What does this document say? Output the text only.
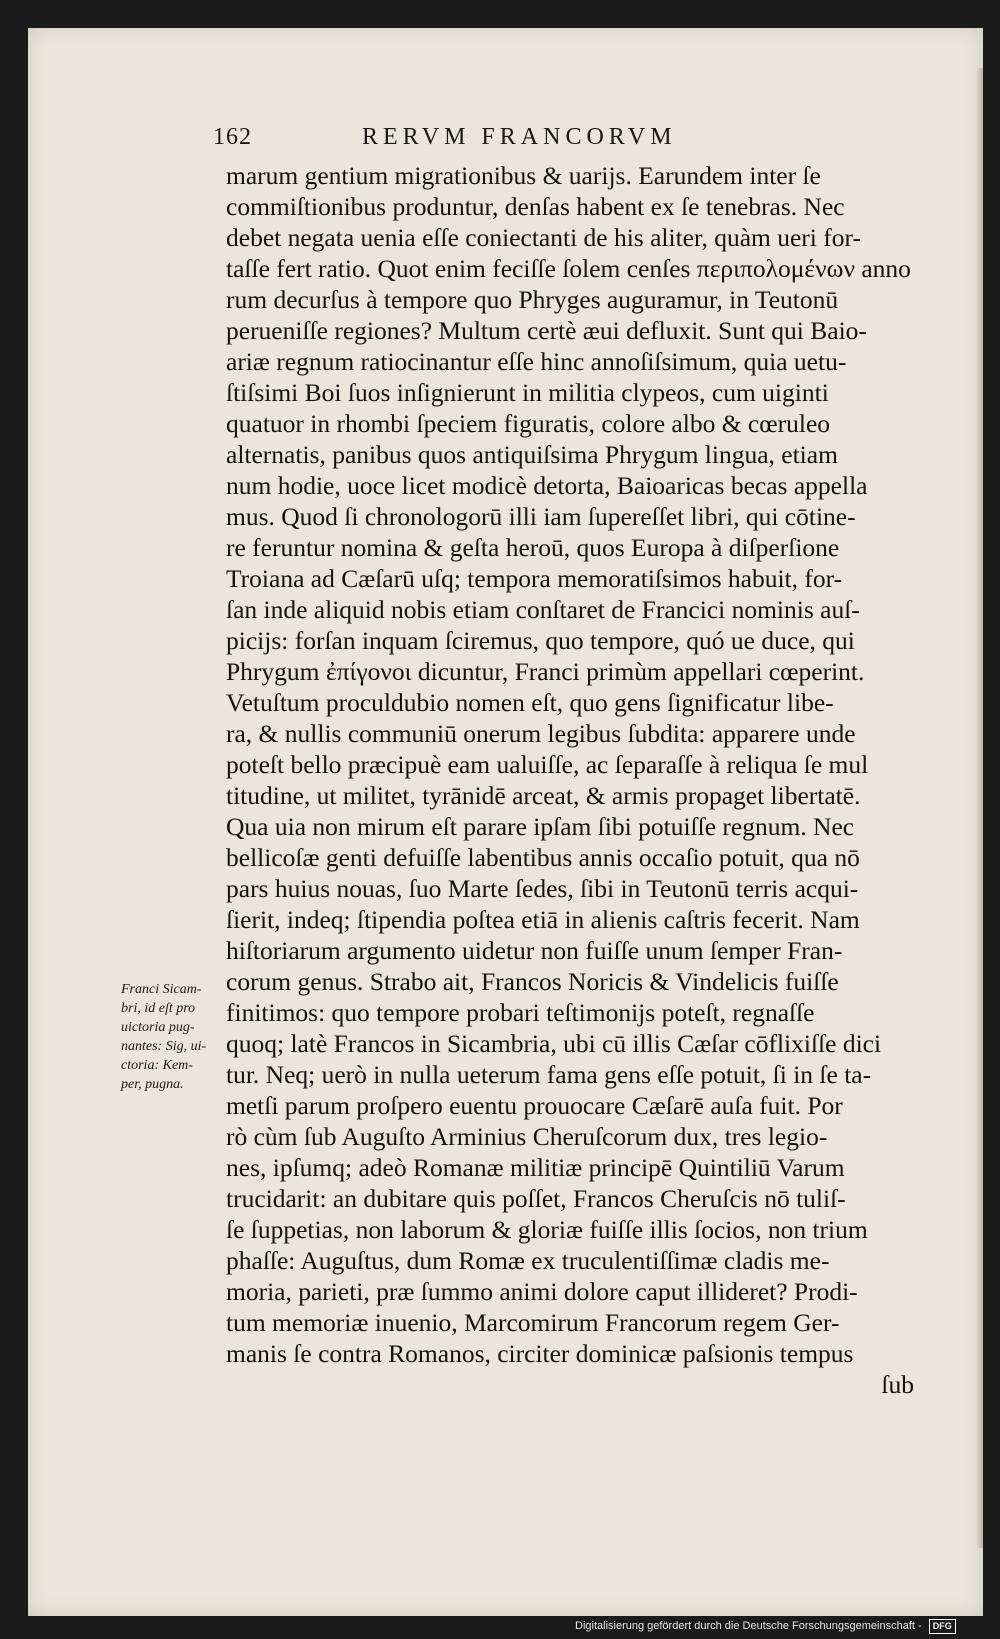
162	RERVM FRANCORVM
marum gentium migrationibus & uarijs. Earundem inter ſe
commiſtionibus produntur, denſas habent ex ſe tenebras. Nec
debet negata uenia eſſe coniectanti de his aliter, quàm ueri for-
taſſe fert ratio. Quot enim feciſſe ſolem cenſes περιπολομένων anno
rum decurſus à tempore quo Phryges auguramur, in Teutonū
perueniſſe regiones? Multum certè æui defluxit. Sunt qui Baio-
ariæ regnum ratiocinantur eſſe hinc annoſiſsimum, quia uetu-
ſtiſsimi Boi ſuos inſignierunt in militia clypeos, cum uiginti
quatuor in rhombi ſpeciem figuratis, colore albo & cœruleo
alternatis, panibus quos antiquiſsima Phrygum lingua, etiam
num hodie, uoce licet modicè detorta, Baioaricas becas appella
mus. Quod ſi chronologorū illi iam ſupereſſet libri, qui cōtine-
re feruntur nomina & geſta heroū, quos Europa à diſperſione
Troiana ad Cæſarū uſq; tempora memoratiſsimos habuit, for-
ſan inde aliquid nobis etiam conſtaret de Francici nominis auſ-
picijs: forſan inquam ſciremus, quo tempore, quó ue duce, qui
Phrygum ἐπίγονοι dicuntur, Franci primùm appellari cœperint.
Vetuſtum proculdubio nomen eſt, quo gens ſignificatur libe-
ra, & nullis communiū onerum legibus ſubdita: apparere unde
poteſt bello præcipuè eam ualuiſſe, ac ſeparaſſe à reliqua ſe mul
titudine, ut militet, tyrānidē arceat, & armis propaget libertatē.
Qua uia non mirum eſt parare ipſam ſibi potuiſſe regnum. Nec
bellicoſæ genti defuiſſe labentibus annis occaſio potuit, qua nō
pars huius nouas, ſuo Marte ſedes, ſibi in Teutonū terris acqui-
ſierit, indeq; ſtipendia poſtea etiā in alienis caſtris fecerit. Nam
hiſtoriarum argumento uidetur non fuiſſe unum ſemper Fran-
corum genus. Strabo ait, Francos Noricis & Vindelicis fuiſſe
finitimos: quo tempore probari teſtimonijs poteſt, regnaſſe
quoq; latè Francos in Sicambria, ubi cū illis Cæſar cōflixiſſe dici
tur. Neq; uerò in nulla ueterum fama gens eſſe potuit, ſi in ſe ta-
metſi parum proſpero euentu prouocare Cæſarē auſa fuit. Por
rò cùm ſub Auguſto Arminius Cheruſcorum dux, tres legio-
nes, ipſumq; adeò Romanæ militiæ principē Quintiliū Varum
trucidarit: an dubitare quis poſſet, Francos Cheruſcis nō tuliſ-
ſe ſuppetias, non laborum & gloriæ fuiſſe illis ſocios, non trium
phaſſe: Auguſtus, dum Romæ ex truculentiſſimæ cladis me-
moria, parieti, præ ſummo animi dolore caput illideret? Prodi-
tum memoriæ inuenio, Marcomirum Francorum regem Ger-
manis ſe contra Romanos, circiter dominicæ paſsionis tempus
ſub
Franci Sicam-
bri, id eſt pro
uictoria pug-
nantes: Sig, ui-
ctoria: Kem-
per, pugna.
Digitalisierung gefördert durch die Deutsche Forschungsgemeinschaft - DFG
